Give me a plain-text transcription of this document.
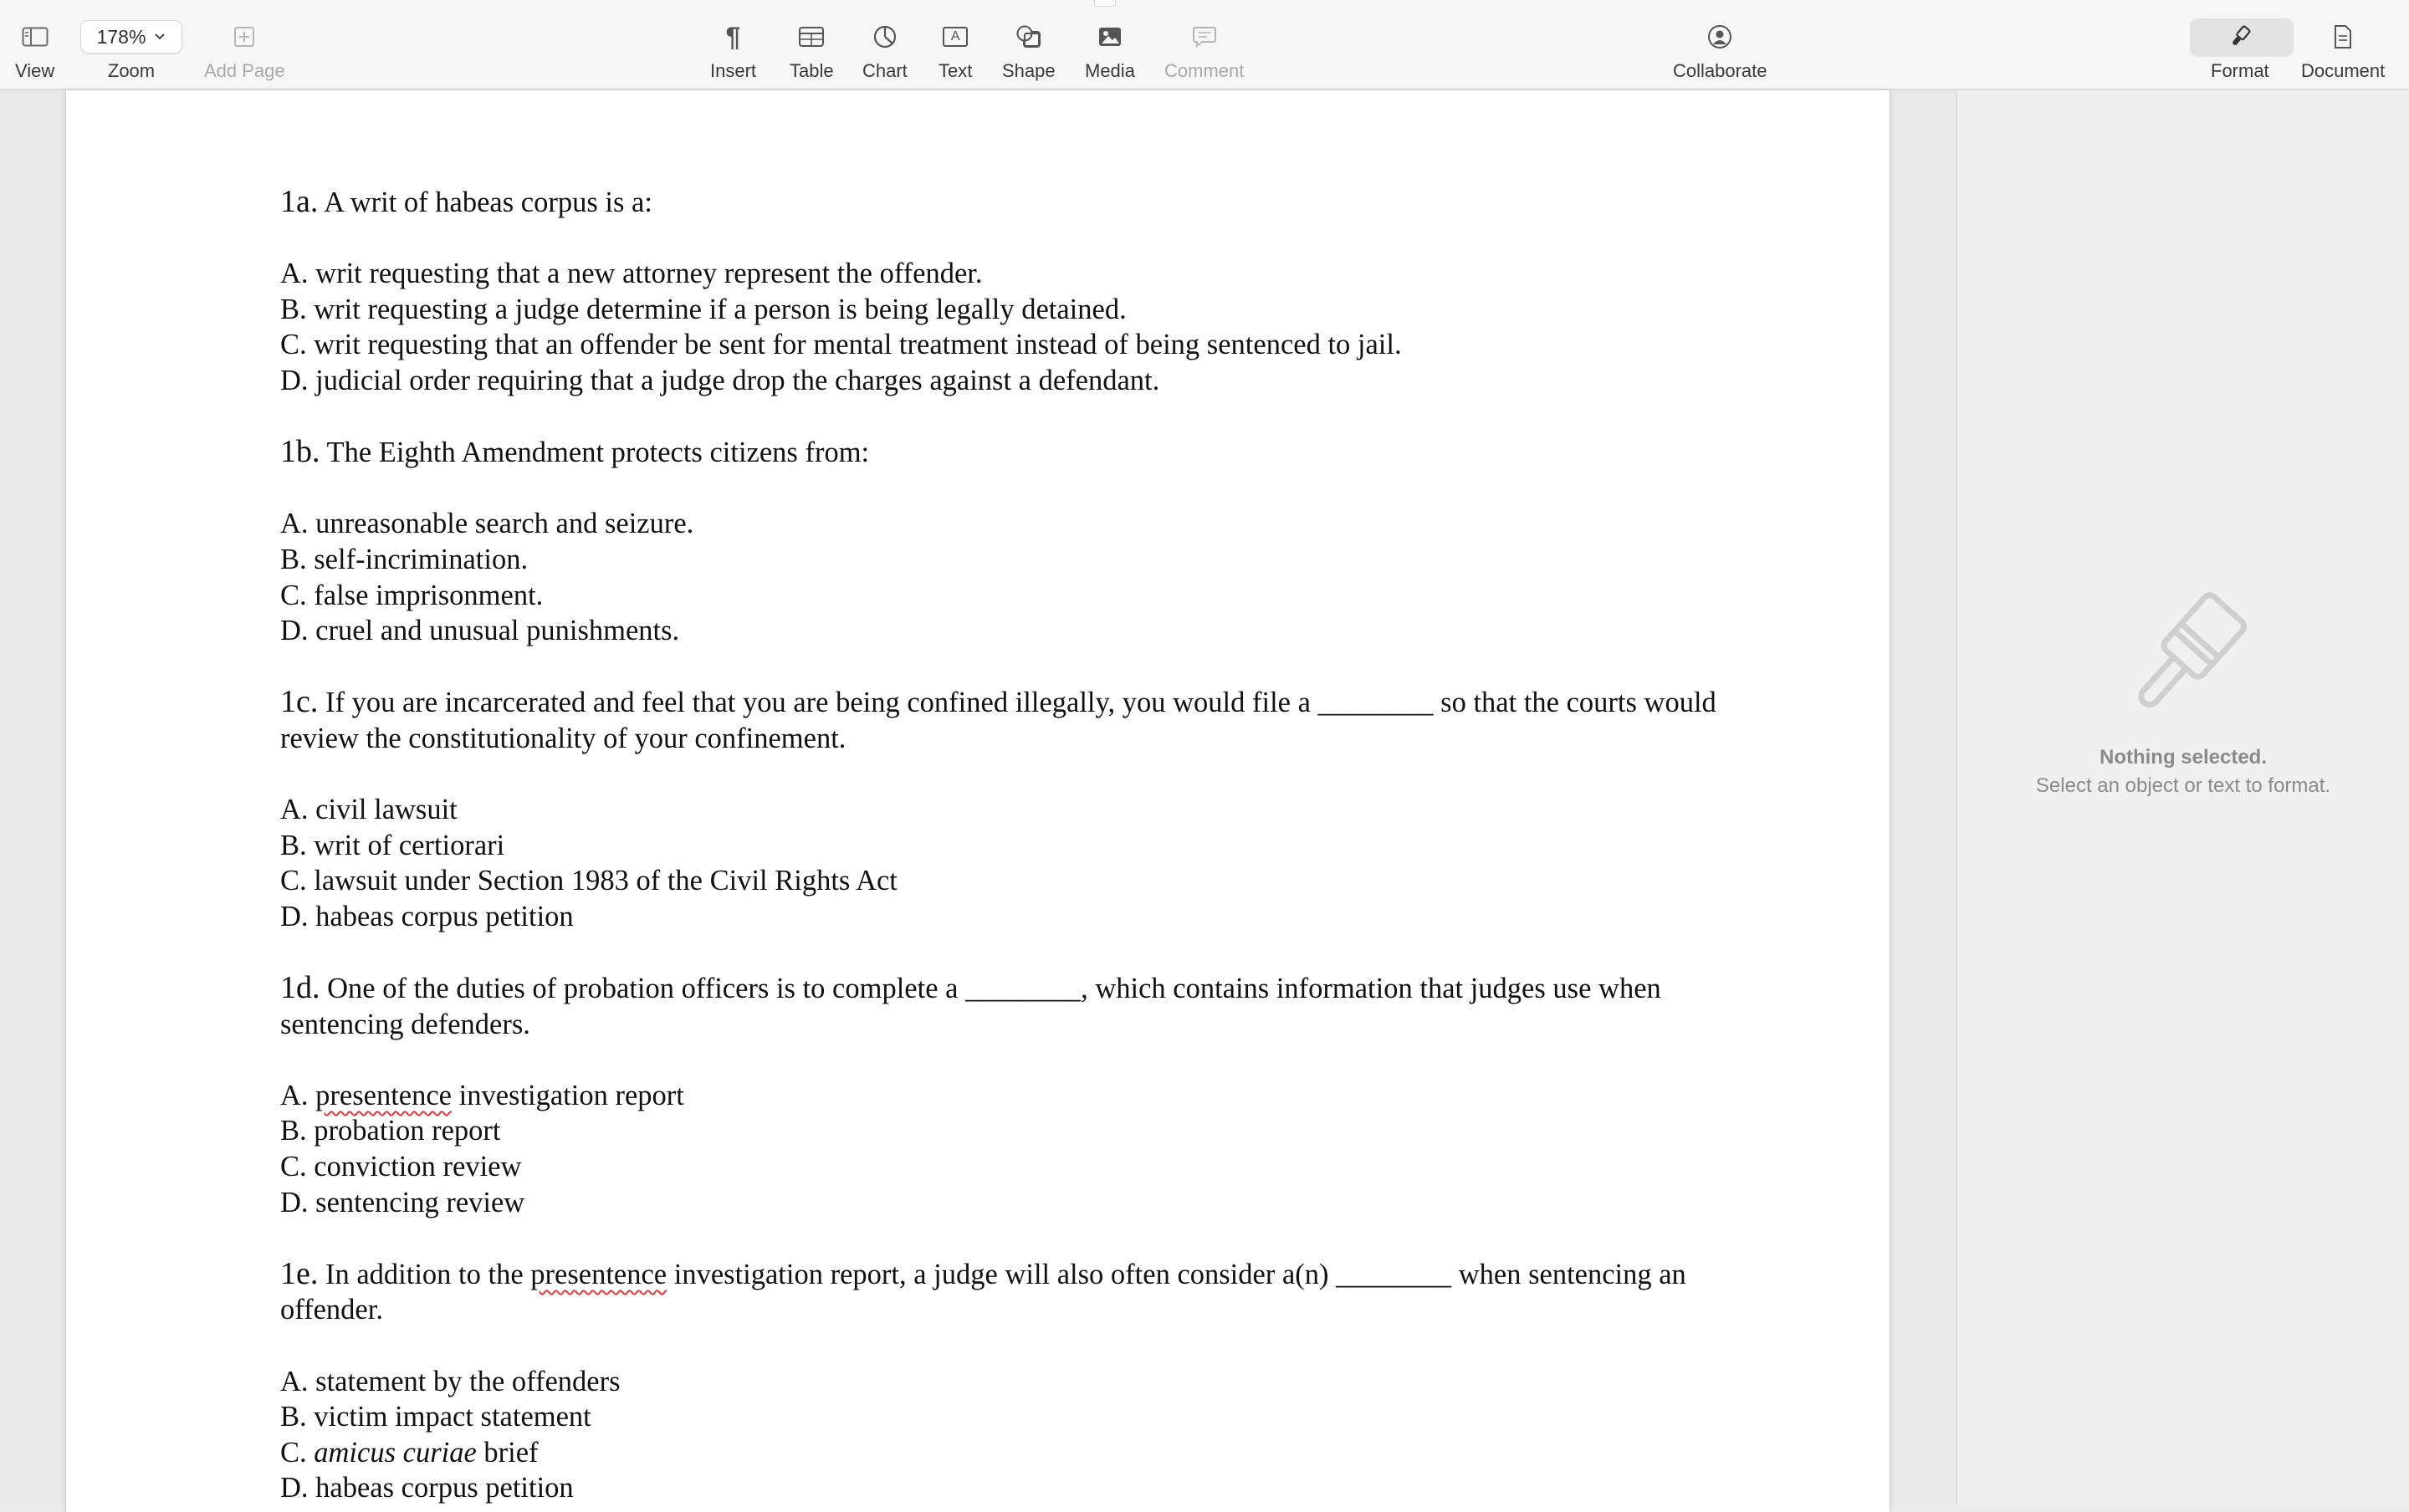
View
178%
Zoom	Add Page
¶
Insert Table Chart
A
Text Shape Media Comment	Collaborate	Format Document

1a. A writ of habeas corpus is a:

A. writ requesting that a new attorney represent the offender.

B. writ requesting a judge determine if a person is being legally detained.

C. writ requesting that an offender be sent for mental treatment instead of being sentenced to jail.

D. judicial order requiring that a judge drop the charges against a defendant.

1b. The Eighth Amendment protects citizens from:

A. unreasonable search and seizure.

B. self-incrimination.

C. false imprisonment.

D. cruel and unusual punishments.

1c. If you are incarcerated and feel that you are being confined illegally, you would file a ________ so that the courts would review the constitutionality of your confinement.

A. civil lawsuit

B. writ of certiorari

C. lawsuit under Section 1983 of the Civil Rights Act

D. habeas corpus petition

1d. One of the duties of probation officers is to complete a ________, which contains information that judges use when sentencing defenders.

A. presentence investigation report

B. probation report

C. conviction review

D. sentencing review

1e. In addition to the presentence investigation report, a judge will also often consider a(n) ________ when sentencing an offender.

A. statement by the offenders

B. victim impact statement

C. amicus curiae brief

D. habeas corpus petition

Nothing selected.
Select an object or text to format.
